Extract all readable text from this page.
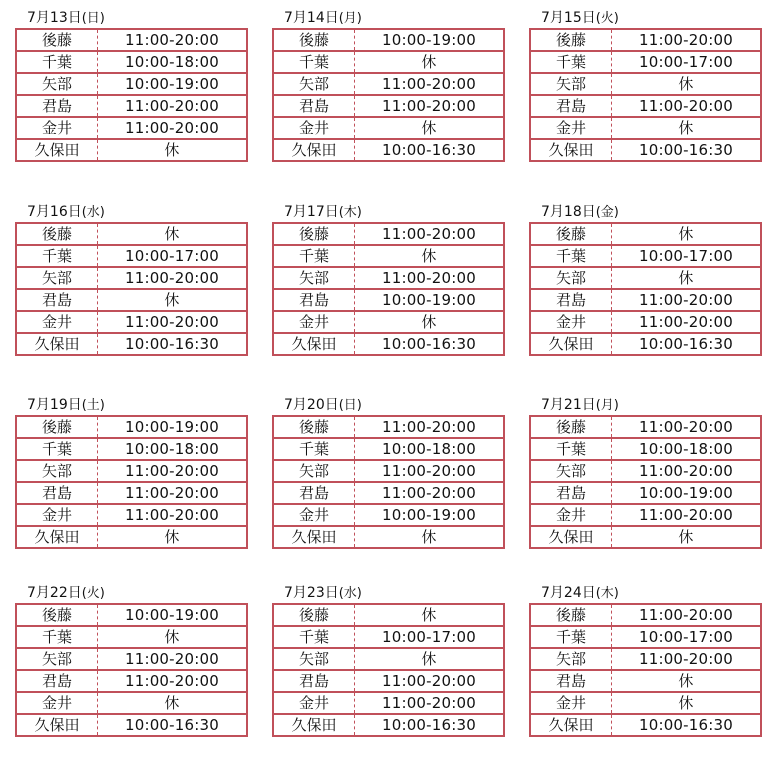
7月13日(日)
後藤	11:00-20:00
千葉	10:00-18:00
矢部	10:00-19:00
君島	11:00-20:00
金井	11:00-20:00
久保田	休
7月14日(月)
後藤	10:00-19:00
千葉	休
矢部	11:00-20:00
君島	11:00-20:00
金井	休
久保田	10:00-16:30
7月15日(火)
後藤	11:00-20:00
千葉	10:00-17:00
矢部	休
君島	11:00-20:00
金井	休
久保田	10:00-16:30
7月16日(水)
後藤	休
千葉	10:00-17:00
矢部	11:00-20:00
君島	休
金井	11:00-20:00
久保田	10:00-16:30
7月17日(木)
後藤	11:00-20:00
千葉	休
矢部	11:00-20:00
君島	10:00-19:00
金井	休
久保田	10:00-16:30
7月18日(金)
後藤	休
千葉	10:00-17:00
矢部	休
君島	11:00-20:00
金井	11:00-20:00
久保田	10:00-16:30
7月19日(土)
後藤	10:00-19:00
千葉	10:00-18:00
矢部	11:00-20:00
君島	11:00-20:00
金井	11:00-20:00
久保田	休
7月20日(日)
後藤	11:00-20:00
千葉	10:00-18:00
矢部	11:00-20:00
君島	11:00-20:00
金井	10:00-19:00
久保田	休
7月21日(月)
後藤	11:00-20:00
千葉	10:00-18:00
矢部	11:00-20:00
君島	10:00-19:00
金井	11:00-20:00
久保田	休
7月22日(火)
後藤	10:00-19:00
千葉	休
矢部	11:00-20:00
君島	11:00-20:00
金井	休
久保田	10:00-16:30
7月23日(水)
後藤	休
千葉	10:00-17:00
矢部	休
君島	11:00-20:00
金井	11:00-20:00
久保田	10:00-16:30
7月24日(木)
後藤	11:00-20:00
千葉	10:00-17:00
矢部	11:00-20:00
君島	休
金井	休
久保田	10:00-16:30
